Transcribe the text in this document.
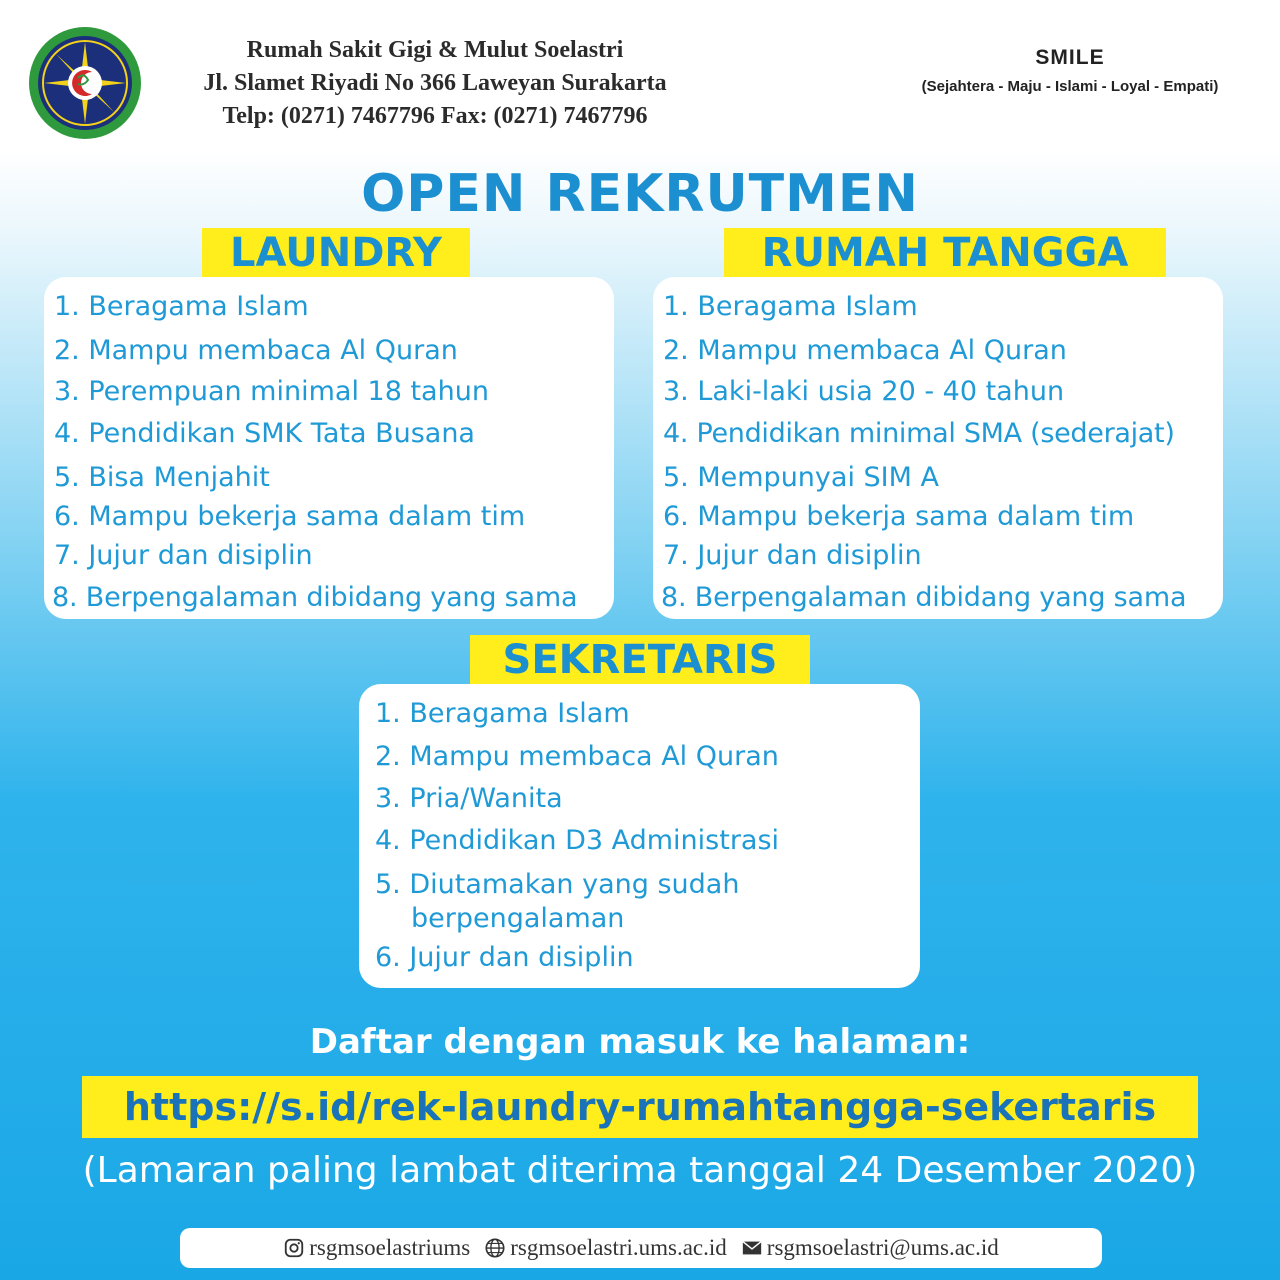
Rumah Sakit Gigi & Mulut Soelastri
Jl. Slamet Riyadi No 366 Laweyan Surakarta
Telp: (0271) 7467796 Fax: (0271) 7467796
SMILE
(Sejahtera - Maju - Islami - Loyal - Empati)
OPEN REKRUTMEN
LAUNDRY
1. Beragama Islam
2. Mampu membaca Al Quran
3. Perempuan minimal 18 tahun
4. Pendidikan SMK Tata Busana
5. Bisa Menjahit
6. Mampu bekerja sama dalam tim
7. Jujur dan disiplin
8. Berpengalaman dibidang yang sama
RUMAH TANGGA
1. Beragama Islam
2. Mampu membaca Al Quran
3. Laki-laki usia 20 - 40 tahun
4. Pendidikan minimal SMA (sederajat)
5. Mempunyai SIM A
6. Mampu bekerja sama dalam tim
7. Jujur dan disiplin
8. Berpengalaman dibidang yang sama
SEKRETARIS
1. Beragama Islam
2. Mampu membaca Al Quran
3. Pria/Wanita
4. Pendidikan D3 Administrasi
5. Diutamakan yang sudah berpengalaman
6. Jujur dan disiplin
Daftar dengan masuk ke halaman:
https://s.id/rek-laundry-rumahtangga-sekertaris
(Lamaran paling lambat diterima tanggal 24 Desember 2020)
rsgmsoelastriums rsgmsoelastri.ums.ac.id rsgmsoelastri@ums.ac.id
